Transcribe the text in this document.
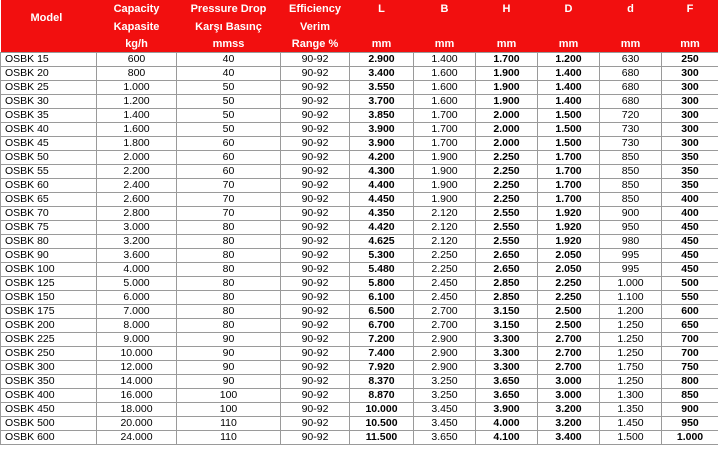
Model	Capacity	Pressure Drop	Efficiency	L	B	H	D	d	F
	Kapasite	Karşı Basınç	Verim						
	kg/h	mmss	Range %	mm	mm	mm	mm	mm	mm
OSBK 15	600	40	90-92	2.900	1.400	1.700	1.200	630	250
OSBK 20	800	40	90-92	3.400	1.600	1.900	1.400	680	300
OSBK 25	1.000	50	90-92	3.550	1.600	1.900	1.400	680	300
OSBK 30	1.200	50	90-92	3.700	1.600	1.900	1.400	680	300
OSBK 35	1.400	50	90-92	3.850	1.700	2.000	1.500	720	300
OSBK 40	1.600	50	90-92	3.900	1.700	2.000	1.500	730	300
OSBK 45	1.800	60	90-92	3.900	1.700	2.000	1.500	730	300
OSBK 50	2.000	60	90-92	4.200	1.900	2.250	1.700	850	350
OSBK 55	2.200	60	90-92	4.300	1.900	2.250	1.700	850	350
OSBK 60	2.400	70	90-92	4.400	1.900	2.250	1.700	850	350
OSBK 65	2.600	70	90-92	4.450	1.900	2.250	1.700	850	400
OSBK 70	2.800	70	90-92	4.350	2.120	2.550	1.920	900	400
OSBK 75	3.000	80	90-92	4.420	2.120	2.550	1.920	950	450
OSBK 80	3.200	80	90-92	4.625	2.120	2.550	1.920	980	450
OSBK 90	3.600	80	90-92	5.300	2.250	2.650	2.050	995	450
OSBK 100	4.000	80	90-92	5.480	2.250	2.650	2.050	995	450
OSBK 125	5.000	80	90-92	5.800	2.450	2.850	2.250	1.000	500
OSBK 150	6.000	80	90-92	6.100	2.450	2.850	2.250	1.100	550
OSBK 175	7.000	80	90-92	6.500	2.700	3.150	2.500	1.200	600
OSBK 200	8.000	80	90-92	6.700	2.700	3.150	2.500	1.250	650
OSBK 225	9.000	90	90-92	7.200	2.900	3.300	2.700	1.250	700
OSBK 250	10.000	90	90-92	7.400	2.900	3.300	2.700	1.250	700
OSBK 300	12.000	90	90-92	7.920	2.900	3.300	2.700	1.750	750
OSBK 350	14.000	90	90-92	8.370	3.250	3.650	3.000	1.250	800
OSBK 400	16.000	100	90-92	8.870	3.250	3.650	3.000	1.300	850
OSBK 450	18.000	100	90-92	10.000	3.450	3.900	3.200	1.350	900
OSBK 500	20.000	110	90-92	10.500	3.450	4.000	3.200	1.450	950
OSBK 600	24.000	110	90-92	11.500	3.650	4.100	3.400	1.500	1.000
